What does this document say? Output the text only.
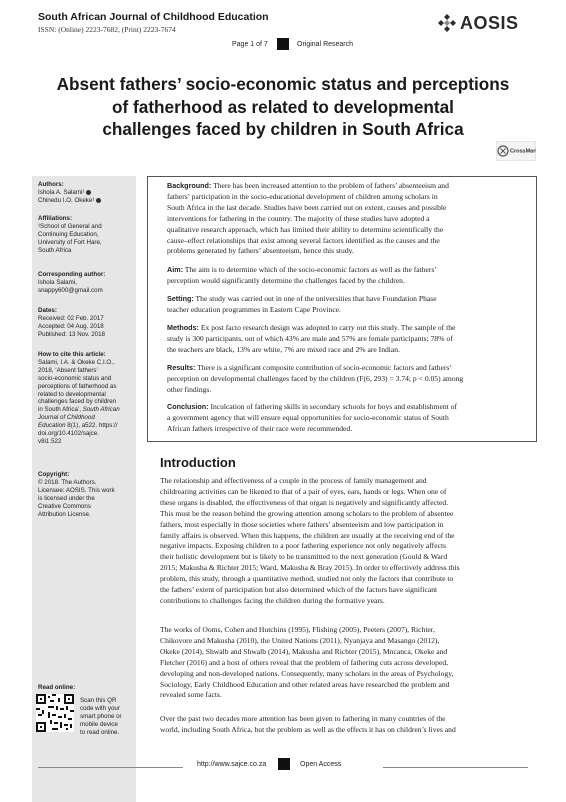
South African Journal of Childhood Education
ISSN: (Online) 2223-7682, (Print) 2223-7674	AOSIS
Page 1 of 7	Original Research
Absent fathers’ socio-economic status and perceptions
of fatherhood as related to developmental
challenges faced by children in South Africa
CrossMark
Authors:
Ishola A. Salami¹
Chinedu I.O. Okeke¹
Affiliations:
¹School of General and
Continuing Education,
University of Fort Hare,
South Africa
Corresponding author:
Ishola Salami,
snappy600@gmail.com
Dates:
Received: 02 Feb. 2017
Accepted: 04 Aug. 2018
Published: 13 Nov. 2018
How to cite this article:
Salami, I.A. & Okeke C.I.O.,
2018, ‘Absent fathers’
socio-economic status and
perceptions of fatherhood as
related to developmental
challenges faced by children
in South Africa’, South African
Journal of Childhood
Education 8(1), a522. https://
doi.org/10.4102/sajce.
v8i1.522
Copyright:
© 2018. The Authors.
Licensee: AOSIS. This work
is licensed under the
Creative Commons
Attribution License.
Read online:
Scan this QR
code with your
smart phone or
mobile device
to read online.
Background: There has been increased attention to the problem of fathers’ absenteeism and
fathers’ participation in the socio-educational development of children among scholars in
South Africa in the last decade. Studies have been carried out on extent, causes and possible
interventions for fathering in the country. The majority of these studies have adopted a
qualitative research approach, which has limited their ability to determine scientifically the
cause–effect relationships that exist among several factors identified as the causes and the
problems generated by fathers’ absenteeism, hence this study.
Aim: The aim is to determine which of the socio-economic factors as well as the fathers’
perception would significantly determine the challenges faced by the children.
Setting: The study was carried out in one of the universities that have Foundation Phase
teacher education programmes in Eastern Cape Province.
Methods: Ex post facto research design was adopted to carry out this study. The sample of the
study is 300 participants, out of which 43% are male and 57% are female participants; 78% of
the teachers are black, 13% are white, 7% are mixed race and 2% are Indian.
Results: There is a significant composite contribution of socio-economic factors and fathers’
perception on developmental challenges faced by the children (F(6, 293) = 3.74; p < 0.05) among
other findings.
Conclusion: Inculcation of fathering skills in secondary schools for boys and establishment of
a government agency that will ensure equal opportunities for socio-economic status of South
African fathers irrespective of their race were recommended.
Introduction
The relationship and effectiveness of a couple in the process of family management and
childrearing activities can be likened to that of a pair of eyes, ears, hands or legs. When one of
these organs is disabled, the effectiveness of that organ is negatively and significantly affected.
This must be the reason behind the growing attention among scholars to the problem of absentee
fathers, most especially in those societies where fathers’ absenteeism and low participation in
family affairs is observed. When this happens, the children are usually at the receiving end of the
negative impacts. Exposing children to a poor fathering experience not only negatively affects
their holistic development but is likely to be transmitted to the next generation (Gould & Ward
2015; Makusha & Richter 2015; Ward, Makusha & Bray 2015). In order to effectively address this
problem, this study, through a quantitative method, studied not only the factors that contribute to
the fathers’ extent of participation but also determined which of the factors have significant
contributions to challenges facing the children during the formative years.
The works of Ooms, Cohen and Hutchins (1995), Flishing (2005), Peeters (2007), Richter,
Chikovore and Makusha (2010), the United Nations (2011), Nyanjaya and Masango (2012),
Okeke (2014), Shwalb and Shwalb (2014), Makusha and Richter (2015), Mncanca, Okeke and
Fletcher (2016) and a host of others reveal that the problem of fathering cuts across developed,
developing and non-developed nations. Consequently, many scholars in the areas of Psychology,
Sociology, Early Childhood Education and other related areas have researched the problem and
revealed some facts.
Over the past two decades more attention has been given to fathering in many countries of the
world, including South Africa, but the problem as well as the effects it has on children’s lives and
http://www.sajce.co.za	Open Access
